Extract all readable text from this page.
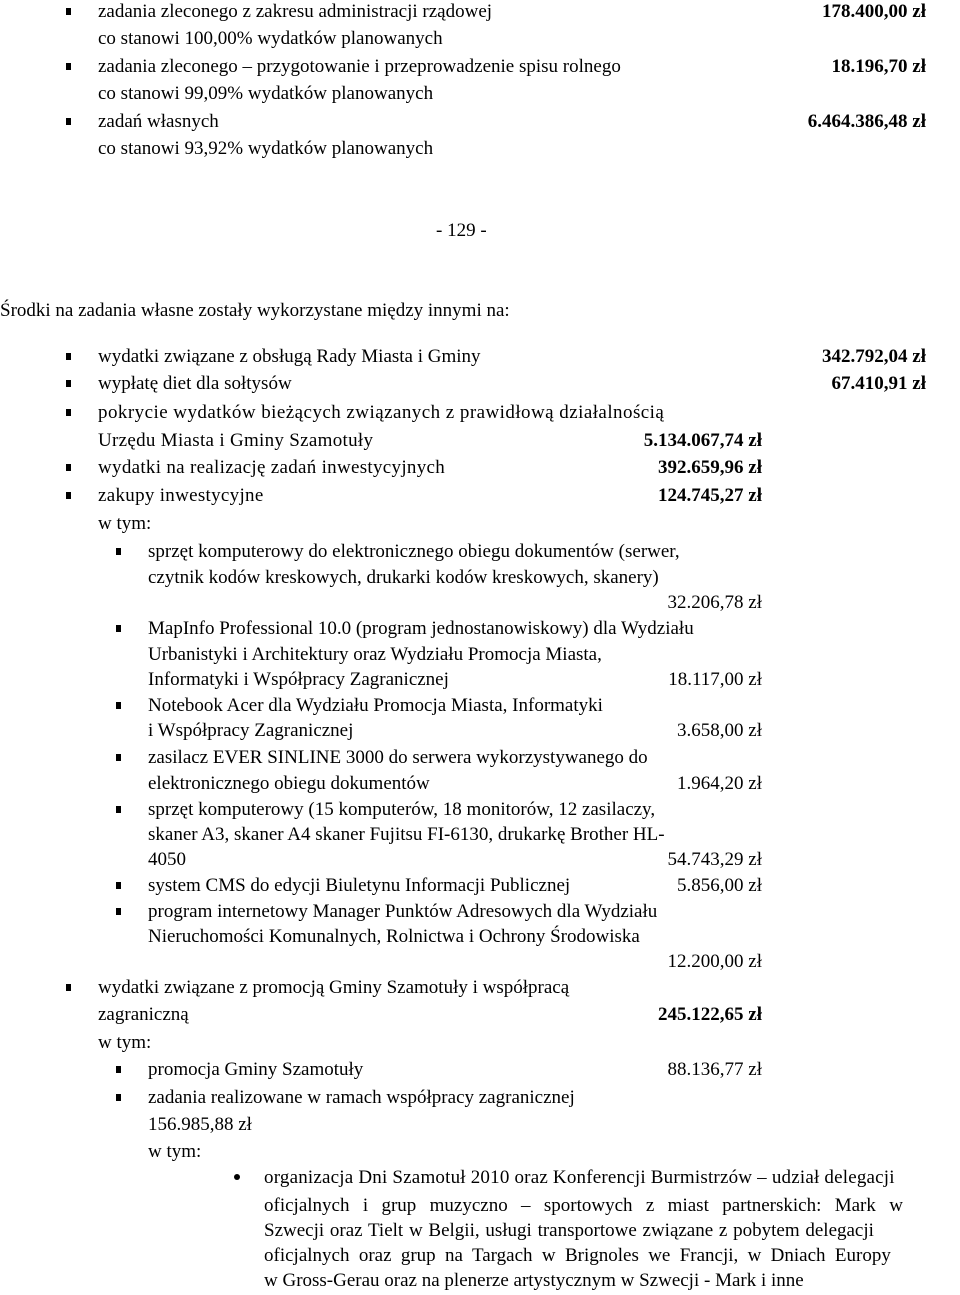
zadania zleconego z zakresu administracji rządowej	178.400,00 zł
co stanowi 100,00% wydatków planowanych
zadania zleconego – przygotowanie i przeprowadzenie spisu rolnego	18.196,70 zł
co stanowi 99,09% wydatków planowanych
zadań własnych	6.464.386,48 zł
co stanowi 93,92% wydatków planowanych
- 129 -
Środki na zadania własne zostały wykorzystane między innymi na:
wydatki związane z obsługą Rady Miasta i Gminy	342.792,04 zł
wypłatę diet dla sołtysów	67.410,91 zł
pokrycie wydatków bieżących związanych z prawidłową działalnością
Urzędu Miasta i Gminy Szamotuły	5.134.067,74 zł
wydatki na realizację zadań inwestycyjnych	392.659,96 zł
zakupy inwestycyjne	124.745,27 zł
w tym:
sprzęt komputerowy do elektronicznego obiegu dokumentów (serwer,
czytnik kodów kreskowych, drukarki kodów kreskowych, skanery)
32.206,78 zł
MapInfo Professional 10.0 (program jednostanowiskowy) dla Wydziału
Urbanistyki i Architektury oraz Wydziału Promocja Miasta,
Informatyki i Współpracy Zagranicznej	18.117,00 zł
Notebook Acer dla Wydziału Promocja Miasta, Informatyki
i Współpracy Zagranicznej	3.658,00 zł
zasilacz EVER SINLINE 3000 do serwera wykorzystywanego do
elektronicznego obiegu dokumentów	1.964,20 zł
sprzęt komputerowy (15 komputerów, 18 monitorów, 12 zasilaczy,
skaner A3, skaner A4 skaner Fujitsu FI-6130, drukarkę Brother HL-
4050	54.743,29 zł
system CMS do edycji Biuletynu Informacji Publicznej	5.856,00 zł
program internetowy Manager Punktów Adresowych dla Wydziału
Nieruchomości Komunalnych, Rolnictwa i Ochrony Środowiska
12.200,00 zł
wydatki związane z promocją Gminy Szamotuły i współpracą
zagraniczną	245.122,65 zł
w tym:
promocja Gminy Szamotuły	88.136,77 zł
zadania realizowane w ramach współpracy zagranicznej
156.985,88 zł
w tym:
organizacja Dni Szamotuł 2010 oraz Konferencji Burmistrzów – udział delegacji
oficjalnych i grup muzyczno – sportowych z miast partnerskich: Mark w
Szwecji oraz Tielt w Belgii, usługi transportowe związane z pobytem delegacji
oficjalnych oraz grup na Targach w Brignoles we Francji, w Dniach Europy
w Gross-Gerau oraz na plenerze artystycznym w Szwecji - Mark i inne
